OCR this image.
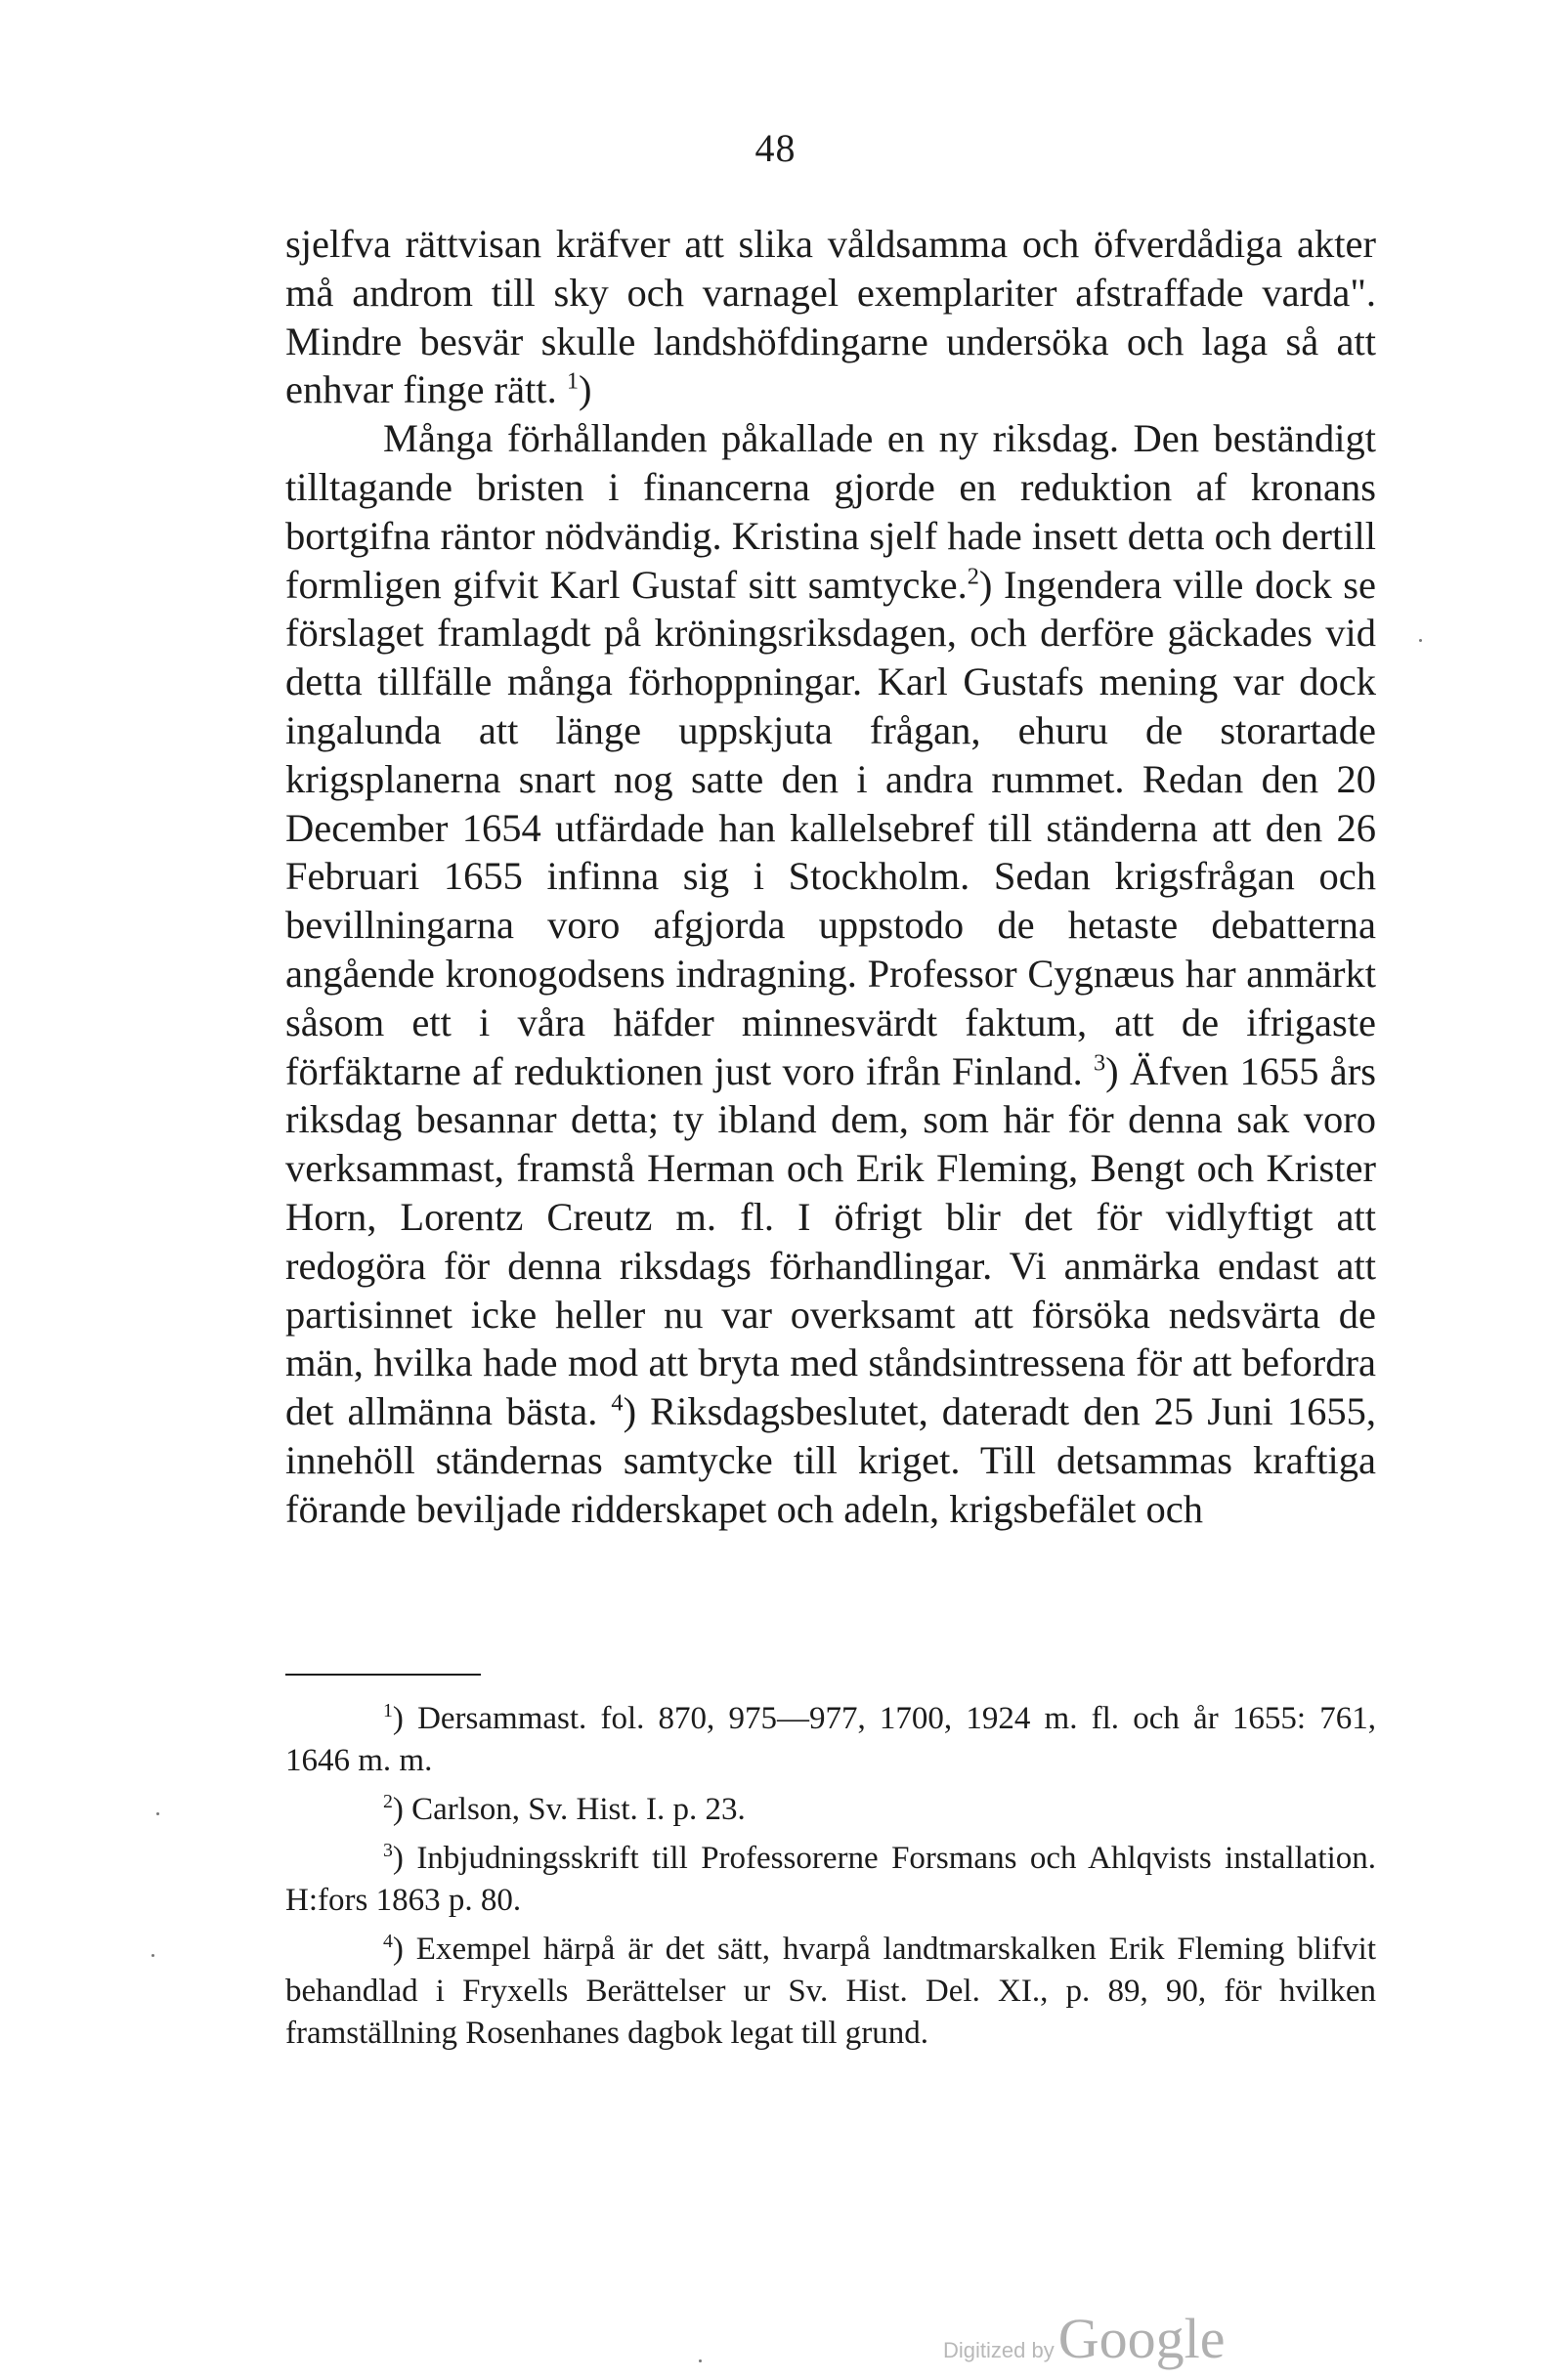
48

sjelfva rättvisan kräfver att slika våldsamma och öfverdådiga akter må androm till sky och varnagel exemplariter afstraffade varda". Mindre besvär skulle landshöfdingarne undersöka och laga så att enhvar finge rätt. $^1$)

Många förhållanden påkallade en ny riksdag. Den beständigt tilltagande bristen i financerna gjorde en reduktion af kronans bortgifna räntor nödvändig. Kristina sjelf hade insett detta och dertill formligen gifvit Karl Gustaf sitt samtycke.$^2$) Ingendera ville dock se förslaget framlagdt på kröningsriksdagen, och derföre gäckades vid detta tillfälle många förhoppningar. Karl Gustafs mening var dock ingalunda att länge uppskjuta frågan, ehuru de storartade krigsplanerna snart nog satte den i andra rummet. Redan den 20 December 1654 utfärdade han kallelsebref till ständerna att den 26 Februari 1655 infinna sig i Stockholm. Sedan krigsfrågan och bevillningarna voro afgjorda uppstodo de hetaste debatterna angående kronogodsens indragning. Professor Cygnæus har anmärkt såsom ett i våra häfder minnesvärdt faktum, att de ifrigaste förfäktarne af reduktionen just voro ifrån Finland. $^3$) Äfven 1655 års riksdag besannar detta; ty ibland dem, som här för denna sak voro verksammast, framstå Herman och Erik Fleming, Bengt och Krister Horn, Lorentz Creutz m. fl. I öfrigt blir det för vidlyftigt att redogöra för denna riksdags förhandlingar. Vi anmärka endast att partisinnet icke heller nu var overksamt att försöka nedsvärta de män, hvilka hade mod att bryta med ståndsintressena för att befordra det allmänna bästa. $^4$) Riksdagsbeslutet, dateradt den 25 Juni 1655, innehöll ständernas samtycke till kriget. Till detsammas kraftiga förande beviljade ridderskapet och adeln, krigsbefälet och

$^1$) Dersammast. fol. 870, 975—977, 1700, 1924 m. fl. och år 1655: 761, 1646 m. m.

$^2$) Carlson, Sv. Hist. I. p. 23.

$^3$) Inbjudningsskrift till Professorerne Forsmans och Ahlqvists installation. H:fors 1863 p. 80.

$^4$) Exempel härpå är det sätt, hvarpå landtmarskalken Erik Fleming blifvit behandlad i Fryxells Berättelser ur Sv. Hist. Del. XI., p. 89, 90, för hvilken framställning Rosenhanes dagbok legat till grund.

Digitized by Google
